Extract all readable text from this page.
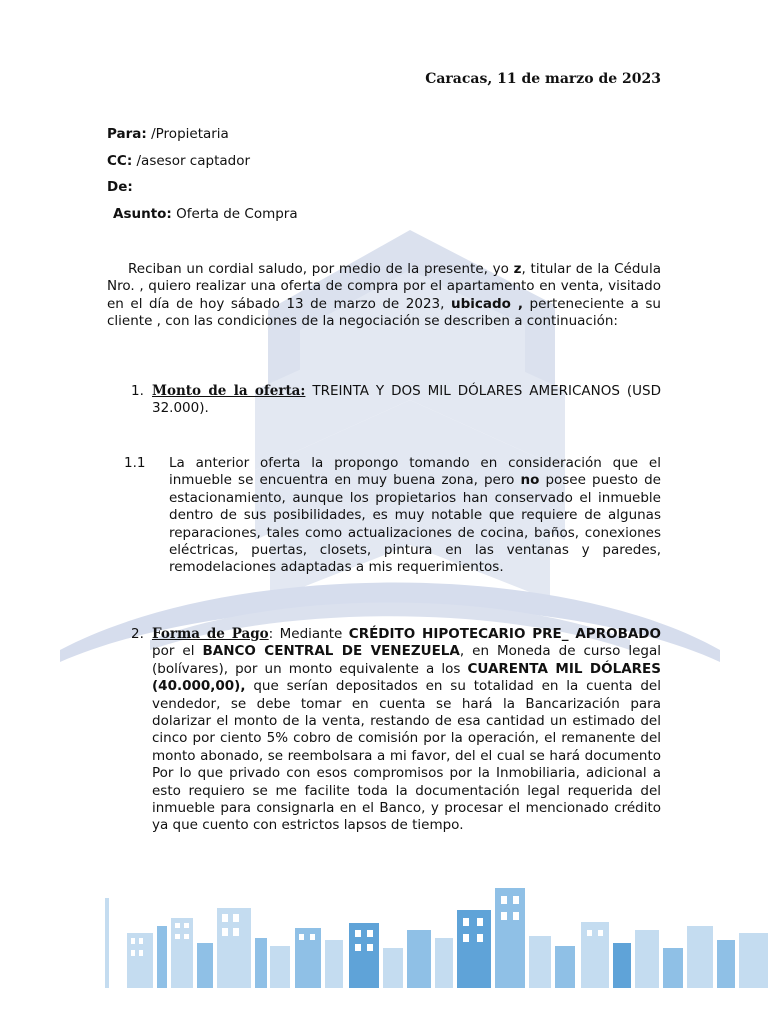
Caracas, 11 de marzo de 2023
Para: /Propietaria
CC: /asesor captador
De:
Asunto: Oferta de Compra
Reciban un cordial saludo, por medio de la presente, yo z, titular de la Cédula Nro. , quiero realizar una oferta de compra por el apartamento en venta, visitado en el día de hoy sábado 13 de marzo de 2023, ubicado , perteneciente a su cliente , con las condiciones de la negociación se describen a continuación:
1. Monto de la oferta: TREINTA Y DOS MIL DÓLARES AMERICANOS (USD 32.000).
1.1 La anterior oferta la propongo tomando en consideración que el inmueble se encuentra en muy buena zona, pero no posee puesto de estacionamiento, aunque los propietarios han conservado el inmueble dentro de sus posibilidades, es muy notable que requiere de algunas reparaciones, tales como actualizaciones de cocina, baños, conexiones eléctricas, puertas, closets, pintura en las ventanas y paredes, remodelaciones adaptadas a mis requerimientos.
2. Forma de Pago: Mediante CRÉDITO HIPOTECARIO PRE_ APROBADO por el BANCO CENTRAL DE VENEZUELA, en Moneda de curso legal (bolívares), por un monto equivalente a los CUARENTA MIL DÓLARES (40.000,00), que serían depositados en su totalidad en la cuenta del vendedor, se debe tomar en cuenta se hará la Bancarización para dolarizar el monto de la venta, restando de esa cantidad un estimado del cinco por ciento 5% cobro de comisión por la operación, el remanente del monto abonado, se reembolsara a mi favor, del el cual se hará documento Por lo que privado con esos compromisos por la Inmobiliaria, adicional a esto requiero se me facilite toda la documentación legal requerida del inmueble para consignarla en el Banco, y procesar el mencionado crédito ya que cuento con estrictos lapsos de tiempo.
